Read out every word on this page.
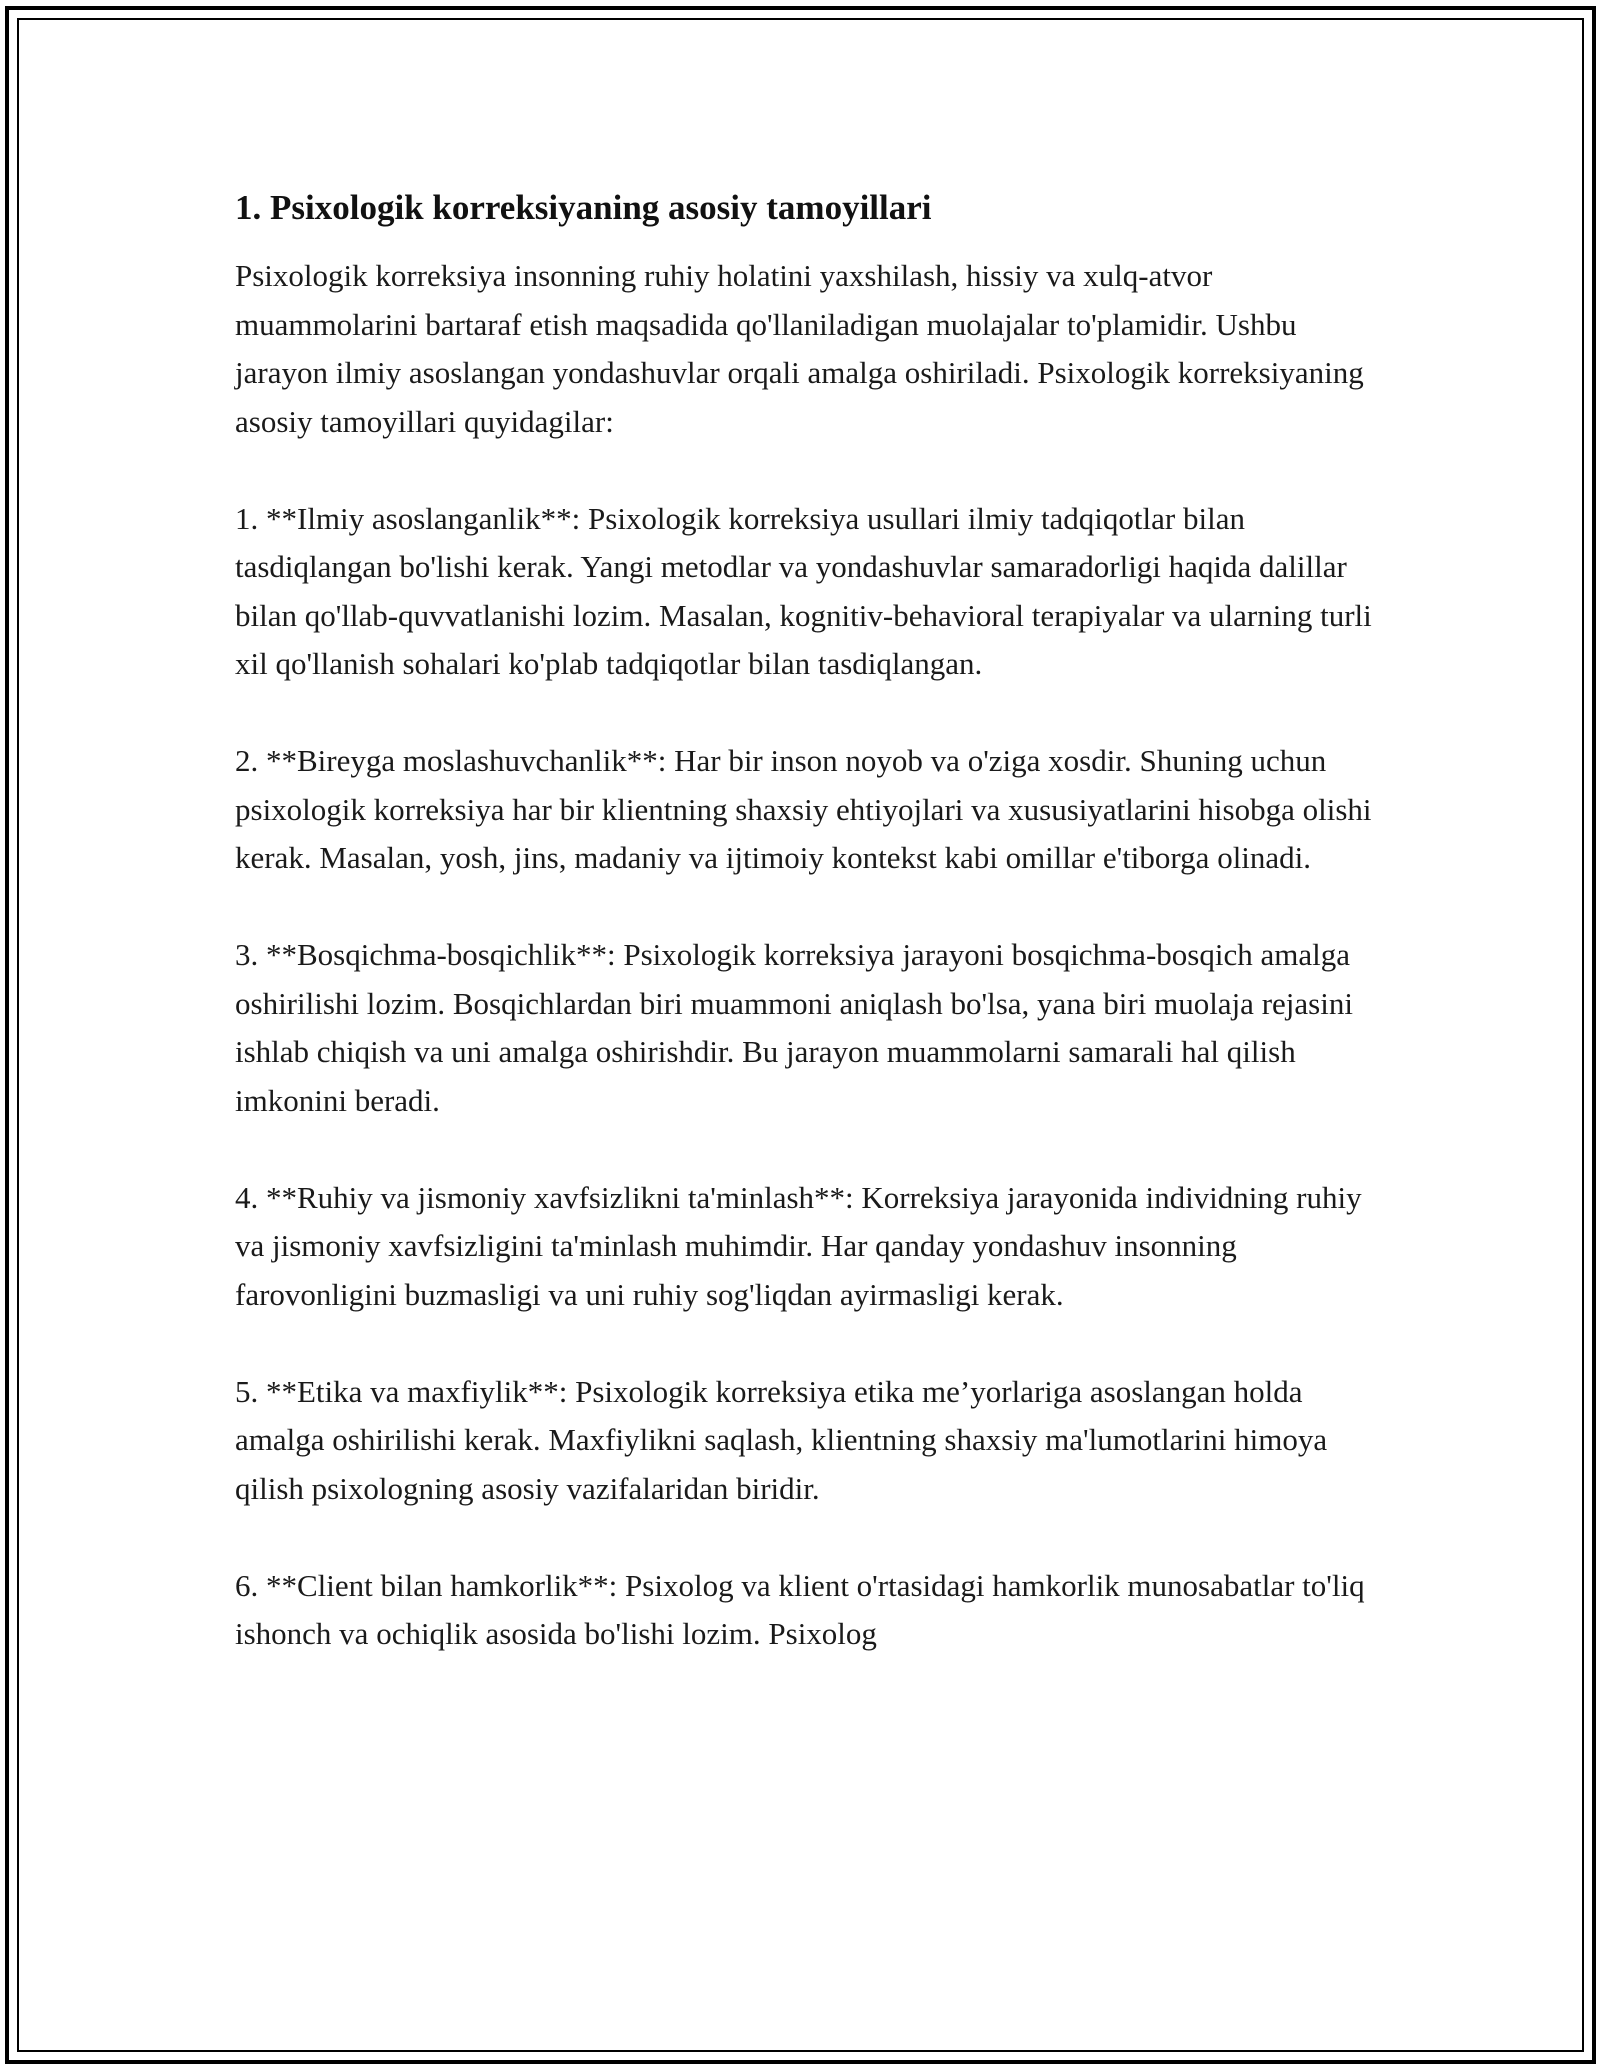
1. Psixologik korreksiyaning asosiy tamoyillari

Psixologik korreksiya insonning ruhiy holatini yaxshilash, hissiy va xulq-atvor muammolarini bartaraf etish maqsadida qo'llaniladigan muolajalar to'plamidir. Ushbu jarayon ilmiy asoslangan yondashuvlar orqali amalga oshiriladi. Psixologik korreksiyaning asosiy tamoyillari quyidagilar:

1. **Ilmiy asoslanganlik**: Psixologik korreksiya usullari ilmiy tadqiqotlar bilan tasdiqlangan bo'lishi kerak. Yangi metodlar va yondashuvlar samaradorligi haqida dalillar bilan qo'llab-quvvatlanishi lozim. Masalan, kognitiv-behavioral terapiyalar va ularning turli xil qo'llanish sohalari ko'plab tadqiqotlar bilan tasdiqlangan.

2. **Bireyga moslashuvchanlik**: Har bir inson noyob va o'ziga xosdir. Shuning uchun psixologik korreksiya har bir klientning shaxsiy ehtiyojlari va xususiyatlarini hisobga olishi kerak. Masalan, yosh, jins, madaniy va ijtimoiy kontekst kabi omillar e'tiborga olinadi.

3. **Bosqichma-bosqichlik**: Psixologik korreksiya jarayoni bosqichma-bosqich amalga oshirilishi lozim. Bosqichlardan biri muammoni aniqlash bo'lsa, yana biri muolaja rejasini ishlab chiqish va uni amalga oshirishdir. Bu jarayon muammolarni samarali hal qilish imkonini beradi.

4. **Ruhiy va jismoniy xavfsizlikni ta'minlash**: Korreksiya jarayonida individning ruhiy va jismoniy xavfsizligini ta'minlash muhimdir. Har qanday yondashuv insonning farovonligini buzmasligi va uni ruhiy sog'liqdan ayirmasligi kerak.

5. **Etika va maxfiylik**: Psixologik korreksiya etika me’yorlariga asoslangan holda amalga oshirilishi kerak. Maxfiylikni saqlash, klientning shaxsiy ma'lumotlarini himoya qilish psixologning asosiy vazifalaridan biridir.

6. **Client bilan hamkorlik**: Psixolog va klient o'rtasidagi hamkorlik munosabatlar to'liq ishonch va ochiqlik asosida bo'lishi lozim. Psixolog
